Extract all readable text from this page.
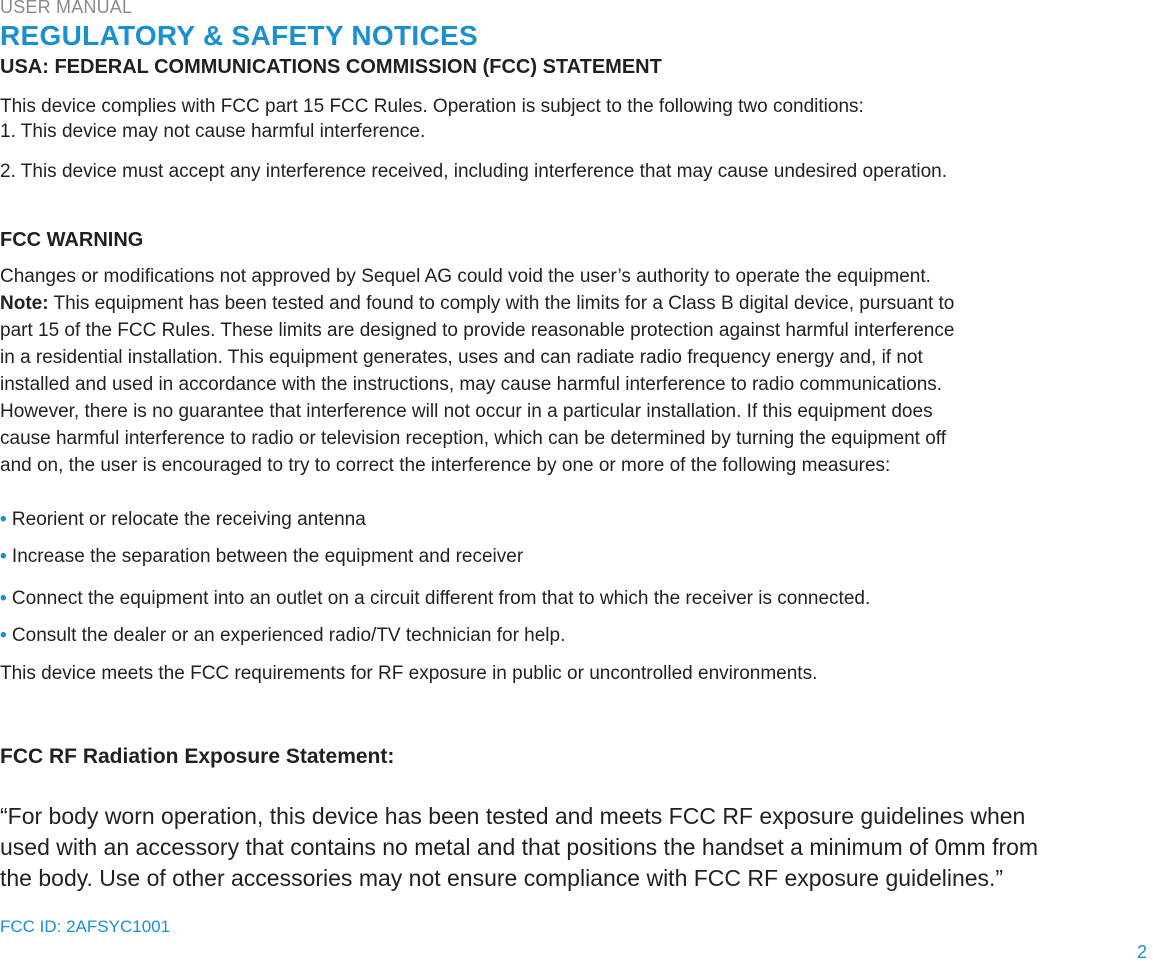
USER MANUAL
REGULATORY & SAFETY NOTICES
USA: FEDERAL COMMUNICATIONS COMMISSION (FCC) STATEMENT
This device complies with FCC part 15 FCC Rules. Operation is subject to the following two conditions:
1. This device may not cause harmful interference.
2. This device must accept any interference received, including interference that may cause undesired operation.
FCC WARNING
Changes or modifications not approved by Sequel AG could void the user’s authority to operate the equipment.
Note: This equipment has been tested and found to comply with the limits for a Class B digital device, pursuant to
part 15 of the FCC Rules. These limits are designed to provide reasonable protection against harmful interference
in a residential installation. This equipment generates, uses and can radiate radio frequency energy and, if not
installed and used in accordance with the instructions, may cause harmful interference to radio communications.
However, there is no guarantee that interference will not occur in a particular installation. If this equipment does
cause harmful interference to radio or television reception, which can be determined by turning the equipment off
and on, the user is encouraged to try to correct the interference by one or more of the following measures:
• Reorient or relocate the receiving antenna
• Increase the separation between the equipment and receiver
• Connect the equipment into an outlet on a circuit different from that to which the receiver is connected.
• Consult the dealer or an experienced radio/TV technician for help.
This device meets the FCC requirements for RF exposure in public or uncontrolled environments.
FCC RF Radiation Exposure Statement:
“For body worn operation, this device has been tested and meets FCC RF exposure guidelines when
used with an accessory that contains no metal and that positions the handset a minimum of 0mm from
the body. Use of other accessories may not ensure compliance with FCC RF exposure guidelines.”
FCC ID: 2AFSYC1001
2
